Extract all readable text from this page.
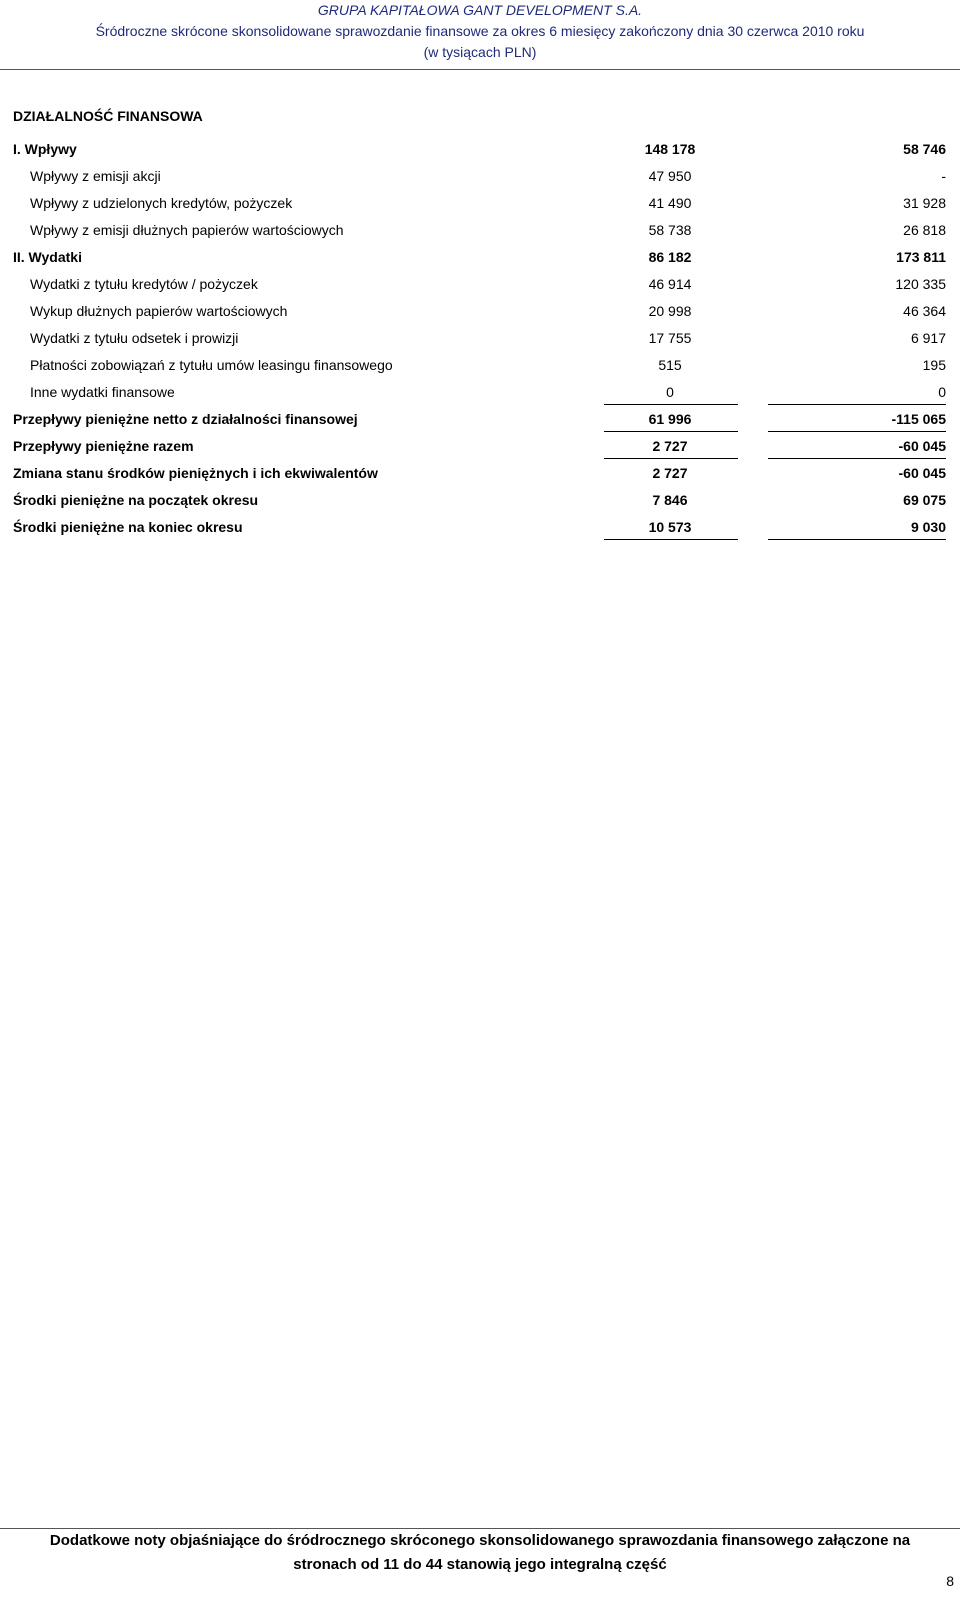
GRUPA KAPITAŁOWA GANT DEVELOPMENT S.A.
Śródroczne skrócone skonsolidowane sprawozdanie finansowe za okres 6 miesięcy zakończony dnia 30 czerwca 2010 roku
(w tysiącach PLN)
DZIAŁALNOŚĆ FINANSOWA
I. Wpływy	148 178	58 746
Wpływy z emisji akcji	47 950	-
Wpływy z udzielonych kredytów, pożyczek	41 490	31 928
Wpływy z emisji dłużnych papierów wartościowych	58 738	26 818
II. Wydatki	86 182	173 811
Wydatki z tytułu kredytów / pożyczek	46 914	120 335
Wykup dłużnych papierów wartościowych	20 998	46 364
Wydatki z tytułu odsetek i prowizji	17 755	6 917
Płatności zobowiązań z tytułu umów leasingu finansowego	515	195
Inne wydatki finansowe	0	0
Przepływy pieniężne netto z działalności finansowej	61 996	-115 065
Przepływy pieniężne razem	2 727	-60 045
Zmiana stanu środków pieniężnych i ich ekwiwalentów	2 727	-60 045
Środki pieniężne na początek okresu	7 846	69 075
Środki pieniężne na koniec okresu	10 573	9 030
Dodatkowe noty objaśniające do śródrocznego skróconego skonsolidowanego sprawozdania finansowego załączone na
stronach od 11 do 44 stanowią jego integralną część
8
